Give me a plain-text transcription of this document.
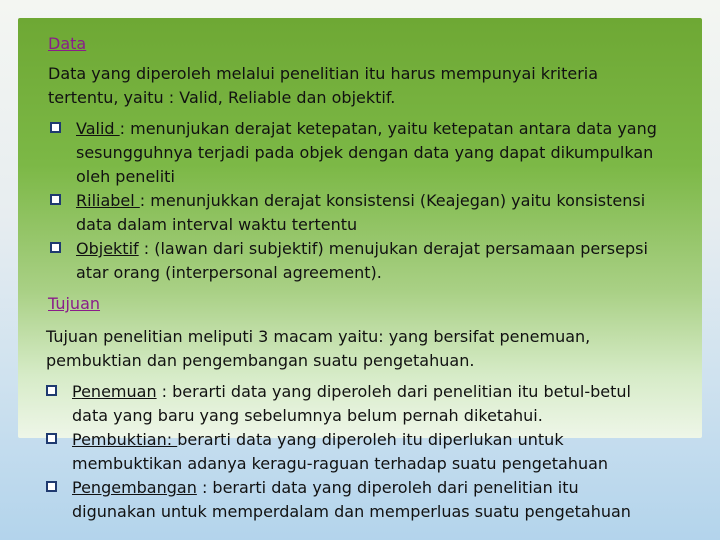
Data
Data yang diperoleh melalui penelitian itu harus mempunyai kriteria
tertentu, yaitu : Valid, Reliable dan objektif.
Valid : menunjukan derajat ketepatan, yaitu ketepatan antara data yang
sesungguhnya terjadi pada objek dengan data yang dapat dikumpulkan
oleh peneliti
Riliabel : menunjukkan derajat konsistensi (Keajegan) yaitu konsistensi
data dalam interval waktu tertentu
Objektif : (lawan dari subjektif) menujukan derajat persamaan persepsi
atar orang (interpersonal agreement).
Tujuan
Tujuan penelitian meliputi 3 macam yaitu: yang bersifat penemuan,
pembuktian dan pengembangan suatu pengetahuan.
Penemuan : berarti data yang diperoleh dari penelitian itu betul-betul
data yang baru yang sebelumnya belum pernah diketahui.
Pembuktian: berarti data yang diperoleh itu diperlukan untuk
membuktikan adanya keragu-raguan terhadap suatu pengetahuan
Pengembangan : berarti data yang diperoleh dari penelitian itu
digunakan untuk memperdalam dan memperluas suatu pengetahuan
